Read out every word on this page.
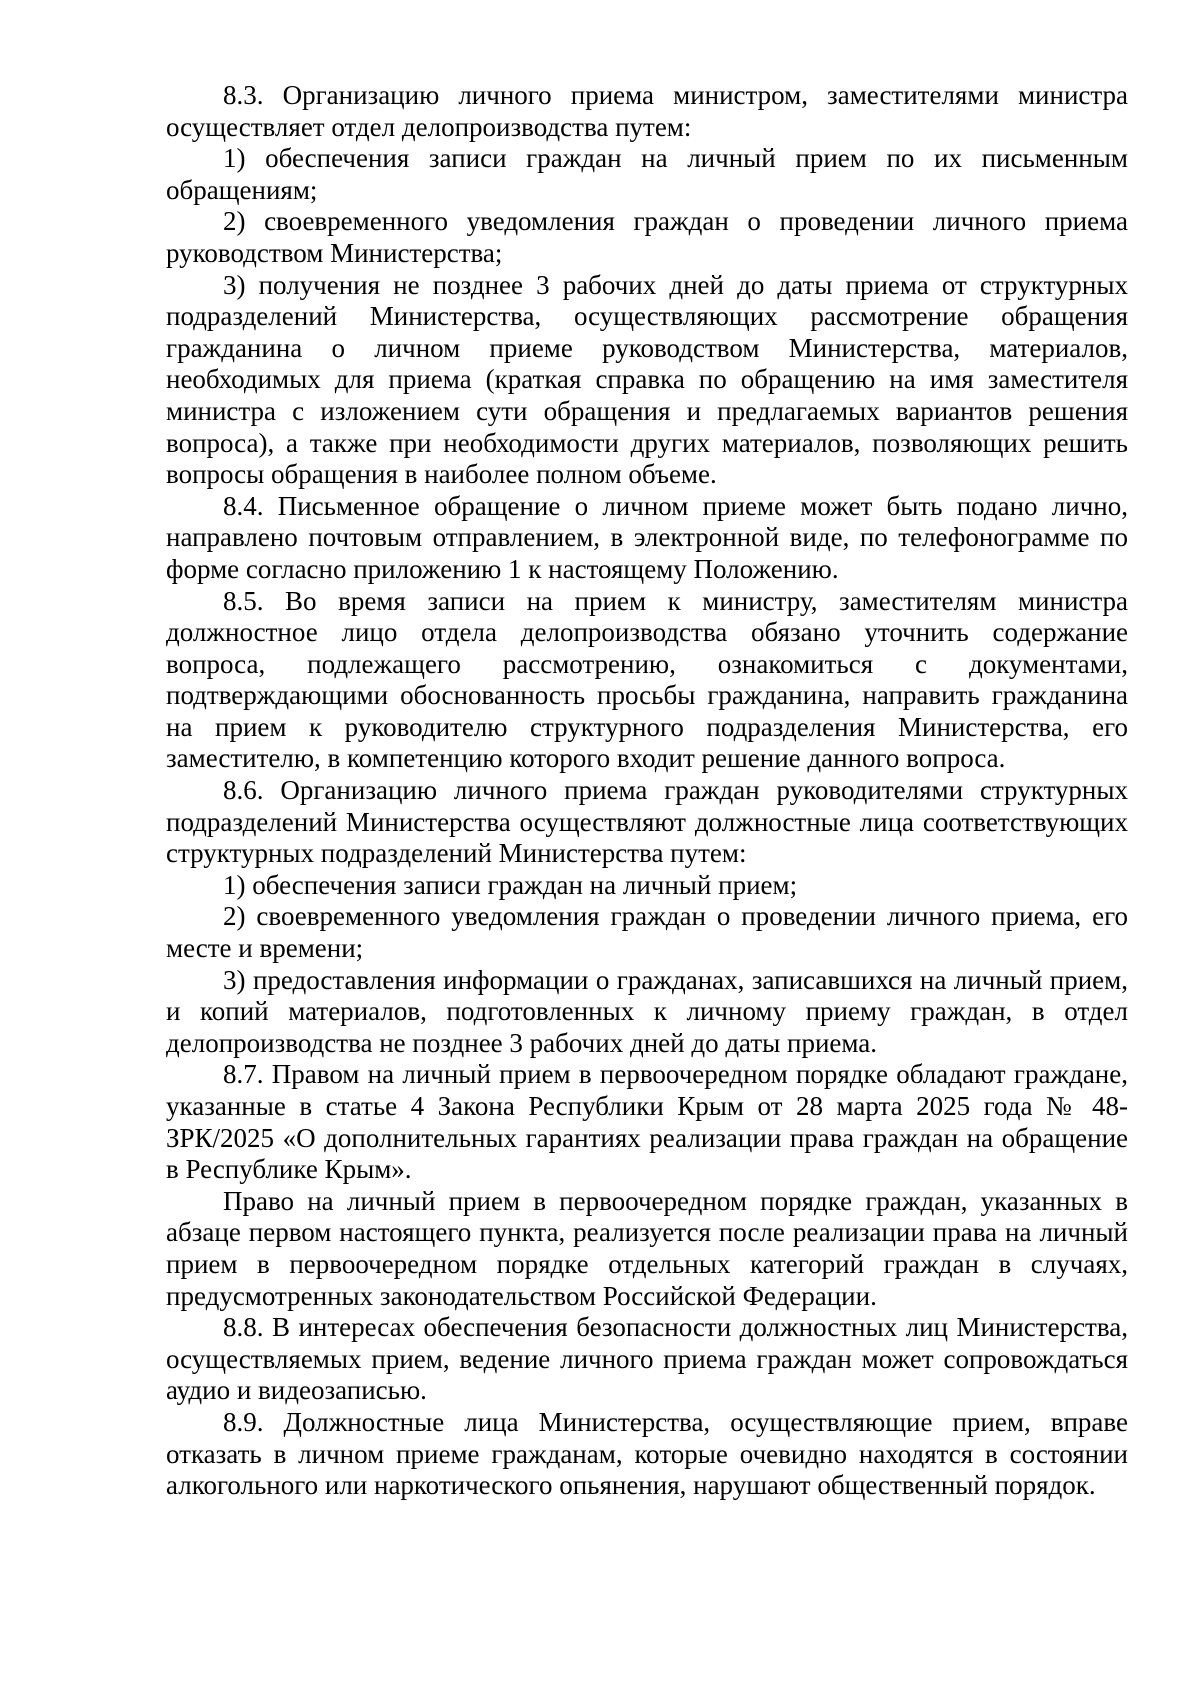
8.3. Организацию личного приема министром, заместителями министра осуществляет отдел делопроизводства путем:

1) обеспечения записи граждан на личный прием по их письменным обращениям;

2) своевременного уведомления граждан о проведении личного приема руководством Министерства;

3) получения не позднее 3 рабочих дней до даты приема от структурных подразделений Министерства, осуществляющих рассмотрение обращения гражданина о личном приеме руководством Министерства, материалов, необходимых для приема (краткая справка по обращению на имя заместителя министра с изложением сути обращения и предлагаемых вариантов решения вопроса), а также при необходимости других материалов, позволяющих решить вопросы обращения в наиболее полном объеме.

8.4. Письменное обращение о личном приеме может быть подано лично, направлено почтовым отправлением, в электронной виде, по телефонограмме по форме согласно приложению 1 к настоящему Положению.

8.5. Во время записи на прием к министру, заместителям министра должностное лицо отдела делопроизводства обязано уточнить содержание вопроса, подлежащего рассмотрению, ознакомиться с документами, подтверждающими обоснованность просьбы гражданина, направить гражданина на прием к руководителю структурного подразделения Министерства, его заместителю, в компетенцию которого входит решение данного вопроса.

8.6. Организацию личного приема граждан руководителями структурных подразделений Министерства осуществляют должностные лица соответствующих структурных подразделений Министерства путем:

1) обеспечения записи граждан на личный прием;

2) своевременного уведомления граждан о проведении личного приема, его месте и времени;

3) предоставления информации о гражданах, записавшихся на личный прием, и копий материалов, подготовленных к личному приему граждан, в отдел делопроизводства не позднее 3 рабочих дней до даты приема.

8.7. Правом на личный прием в первоочередном порядке обладают граждане, указанные в статье 4 Закона Республики Крым от 28 марта 2025 года № 48-ЗРК/2025 «О дополнительных гарантиях реализации права граждан на обращение в Республике Крым».

Право на личный прием в первоочередном порядке граждан, указанных в абзаце первом настоящего пункта, реализуется после реализации права на личный прием в первоочередном порядке отдельных категорий граждан в случаях, предусмотренных законодательством Российской Федерации.

8.8. В интересах обеспечения безопасности должностных лиц Министерства, осуществляемых прием, ведение личного приема граждан может сопровождаться аудио и видеозаписью.

8.9. Должностные лица Министерства, осуществляющие прием, вправе отказать в личном приеме гражданам, которые очевидно находятся в состоянии алкогольного или наркотического опьянения, нарушают общественный порядок.
